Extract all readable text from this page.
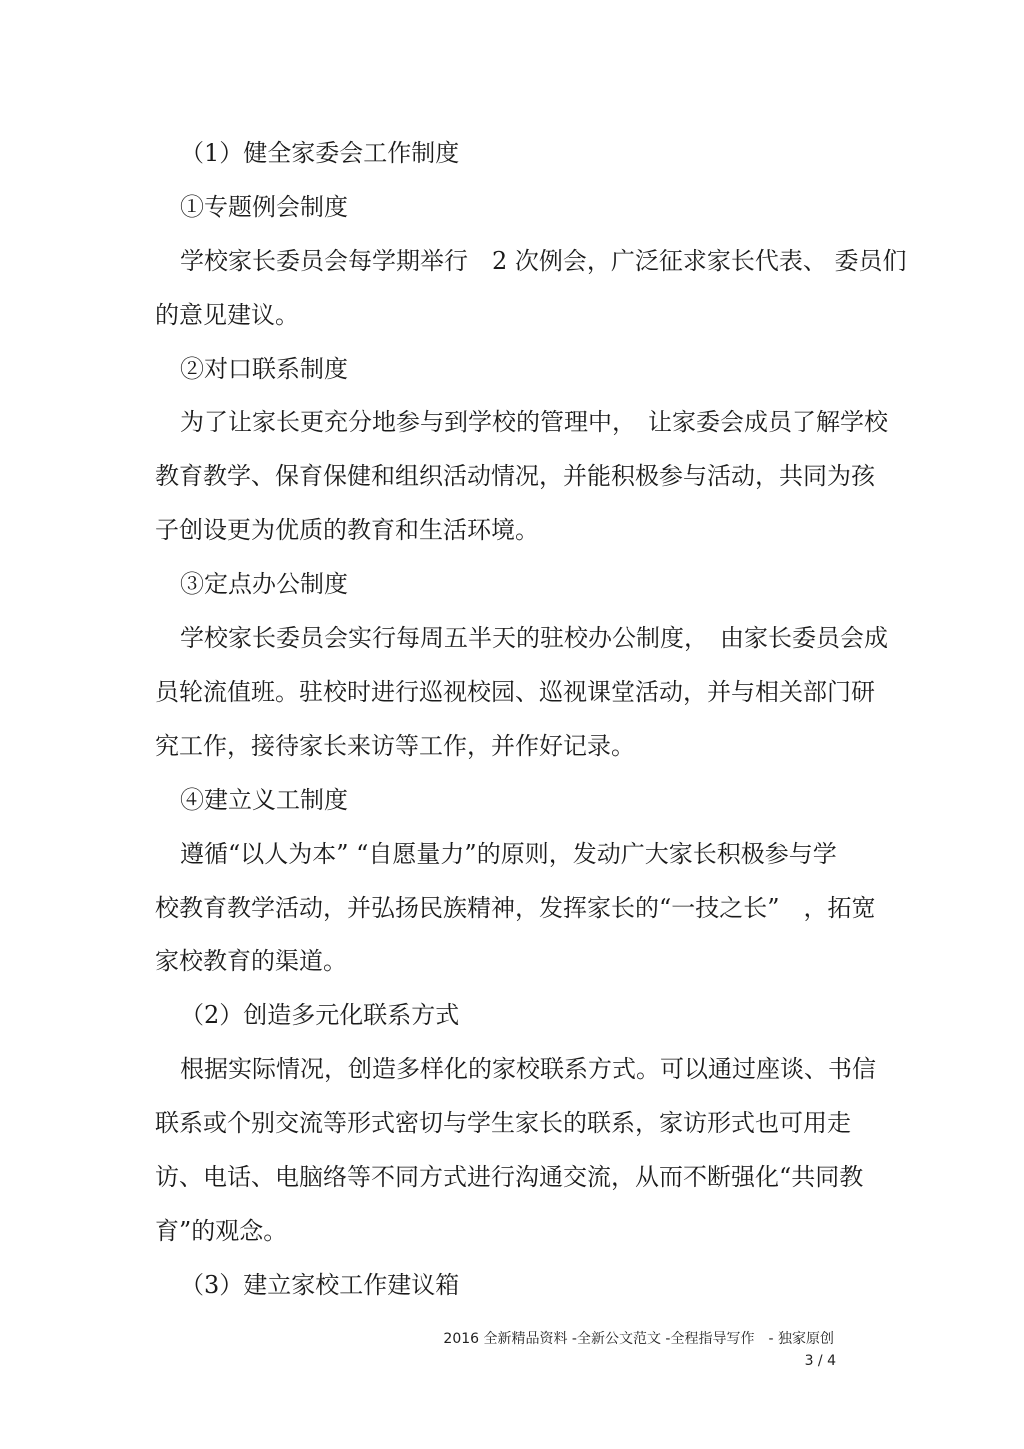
（1）健全家委会工作制度
①专题例会制度
学校家长委员会每学期举行　2 次例会，广泛征求家长代表、 委员们
的意见建议。
②对口联系制度
为了让家长更充分地参与到学校的管理中，　让家委会成员了解学校
教育教学、保育保健和组织活动情况，并能积极参与活动，共同为孩
子创设更为优质的教育和生活环境。
③定点办公制度
学校家长委员会实行每周五半天的驻校办公制度，　由家长委员会成
员轮流值班。驻校时进行巡视校园、巡视课堂活动，并与相关部门研
究工作，接待家长来访等工作，并作好记录。
④建立义工制度
遵循“以人为本” “自愿量力”的原则，发动广大家长积极参与学
校教育教学活动，并弘扬民族精神，发挥家长的“一技之长”　，拓宽
家校教育的渠道。
（2）创造多元化联系方式
根据实际情况，创造多样化的家校联系方式。可以通过座谈、书信
联系或个别交流等形式密切与学生家长的联系，家访形式也可用走
访、电话、电脑络等不同方式进行沟通交流，从而不断强化“共同教
育”的观念。
（3）建立家校工作建议箱
2016 全新精品资料 -全新公文范文 -全程指导写作　- 独家原创
3 / 4
